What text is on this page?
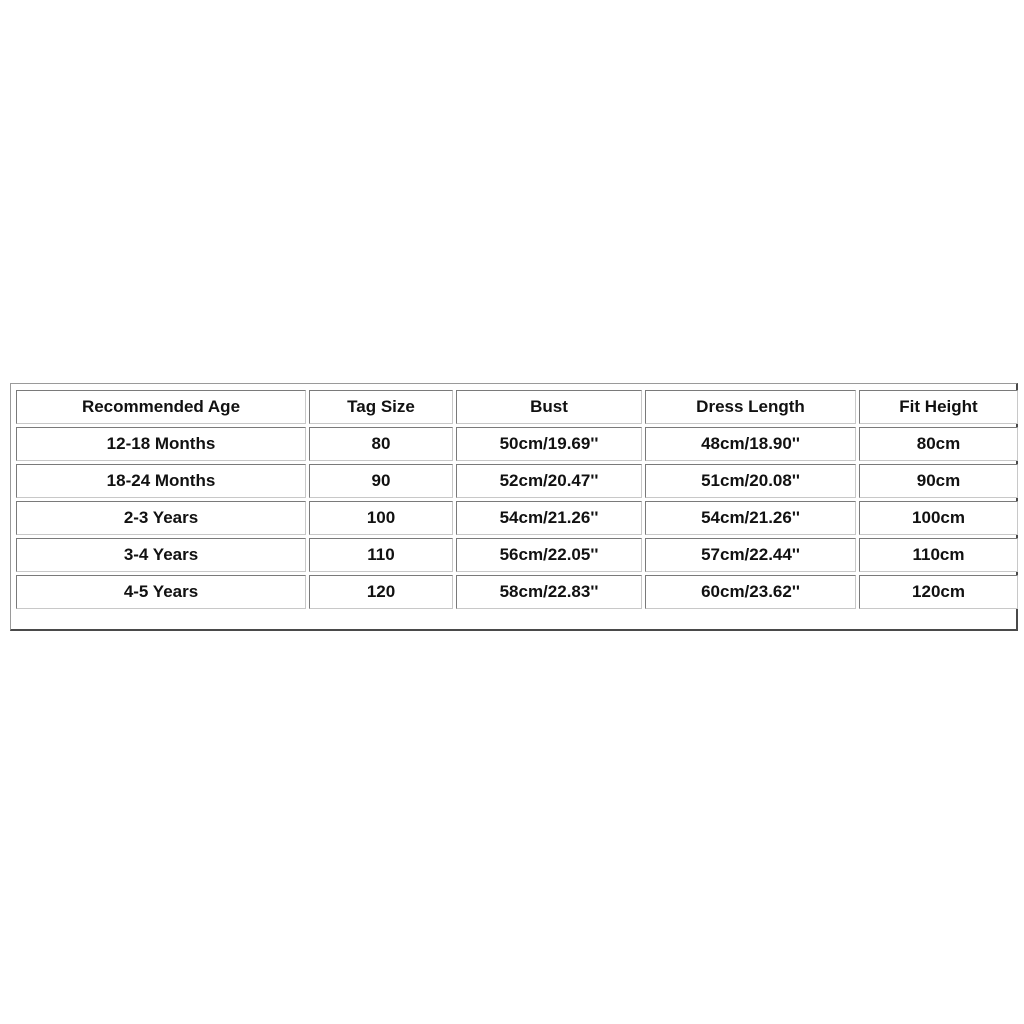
Recommended Age	Tag Size	Bust	Dress Length	Fit Height
12-18 Months	80	50cm/19.69''	48cm/18.90''	80cm
18-24 Months	90	52cm/20.47''	51cm/20.08''	90cm
2-3 Years	100	54cm/21.26''	54cm/21.26''	100cm
3-4 Years	110	56cm/22.05''	57cm/22.44''	110cm
4-5 Years	120	58cm/22.83''	60cm/23.62''	120cm
